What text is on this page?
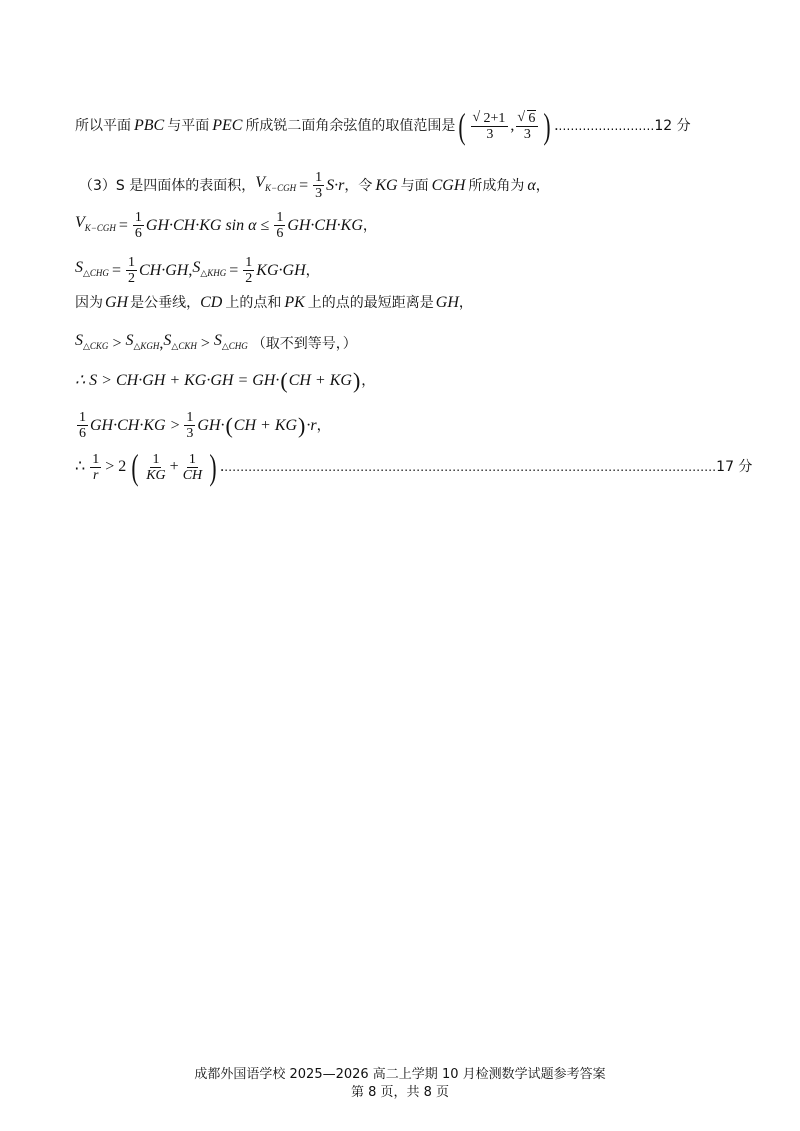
所以平面 PBC 与平面 PEC 所成锐二面角余弦值的取值范围是 ( √ $\frac{2+1}{3}$ , √ $\frac{6}{3}$ ) . …………………… 12 分
（3）S 是四面体的表面积， $V_{K-CGH} = \frac{1}{3} S\cdot r$ ，令 KG 与面 CGH 所成角为 α ，
$V_{K-CGH} = \frac{1}{6} GH\cdot CH\cdot KG$ $\sin \alpha \le \frac{1}{6} GH\cdot CH\cdot KG$ ，
$S_{\triangle CHG} = \frac{1}{2} CH\cdot GH$ , $S_{\triangle KHG} = \frac{1}{2} KG\cdot GH$ ，
因为 GH 是公垂线， CD 上的点和 PK 上的点的最短距离是 GH ，
$S_{\triangle CKG} > S_{\triangle KGH}$ , $S_{\triangle CKH} > S_{\triangle CHG}$ （取不到等号，）
∴ S > CH·GH + KG·GH = GH· ( CH + KG ) ，
$\frac{1}{6} GH\cdot CH\cdot KG > \frac{1}{3} GH\cdot$ ( CH + KG ) ·r ，
∴ $\frac{1}{r} > 2$ ( $\frac{1}{KG} + \frac{1}{CH}$ ) . …………………………………………………………………………………………………………… 17 分
成都外国语学校 2025—2026 高二上学期 10 月检测数学试题参考答案
第 8 页，共 8 页
